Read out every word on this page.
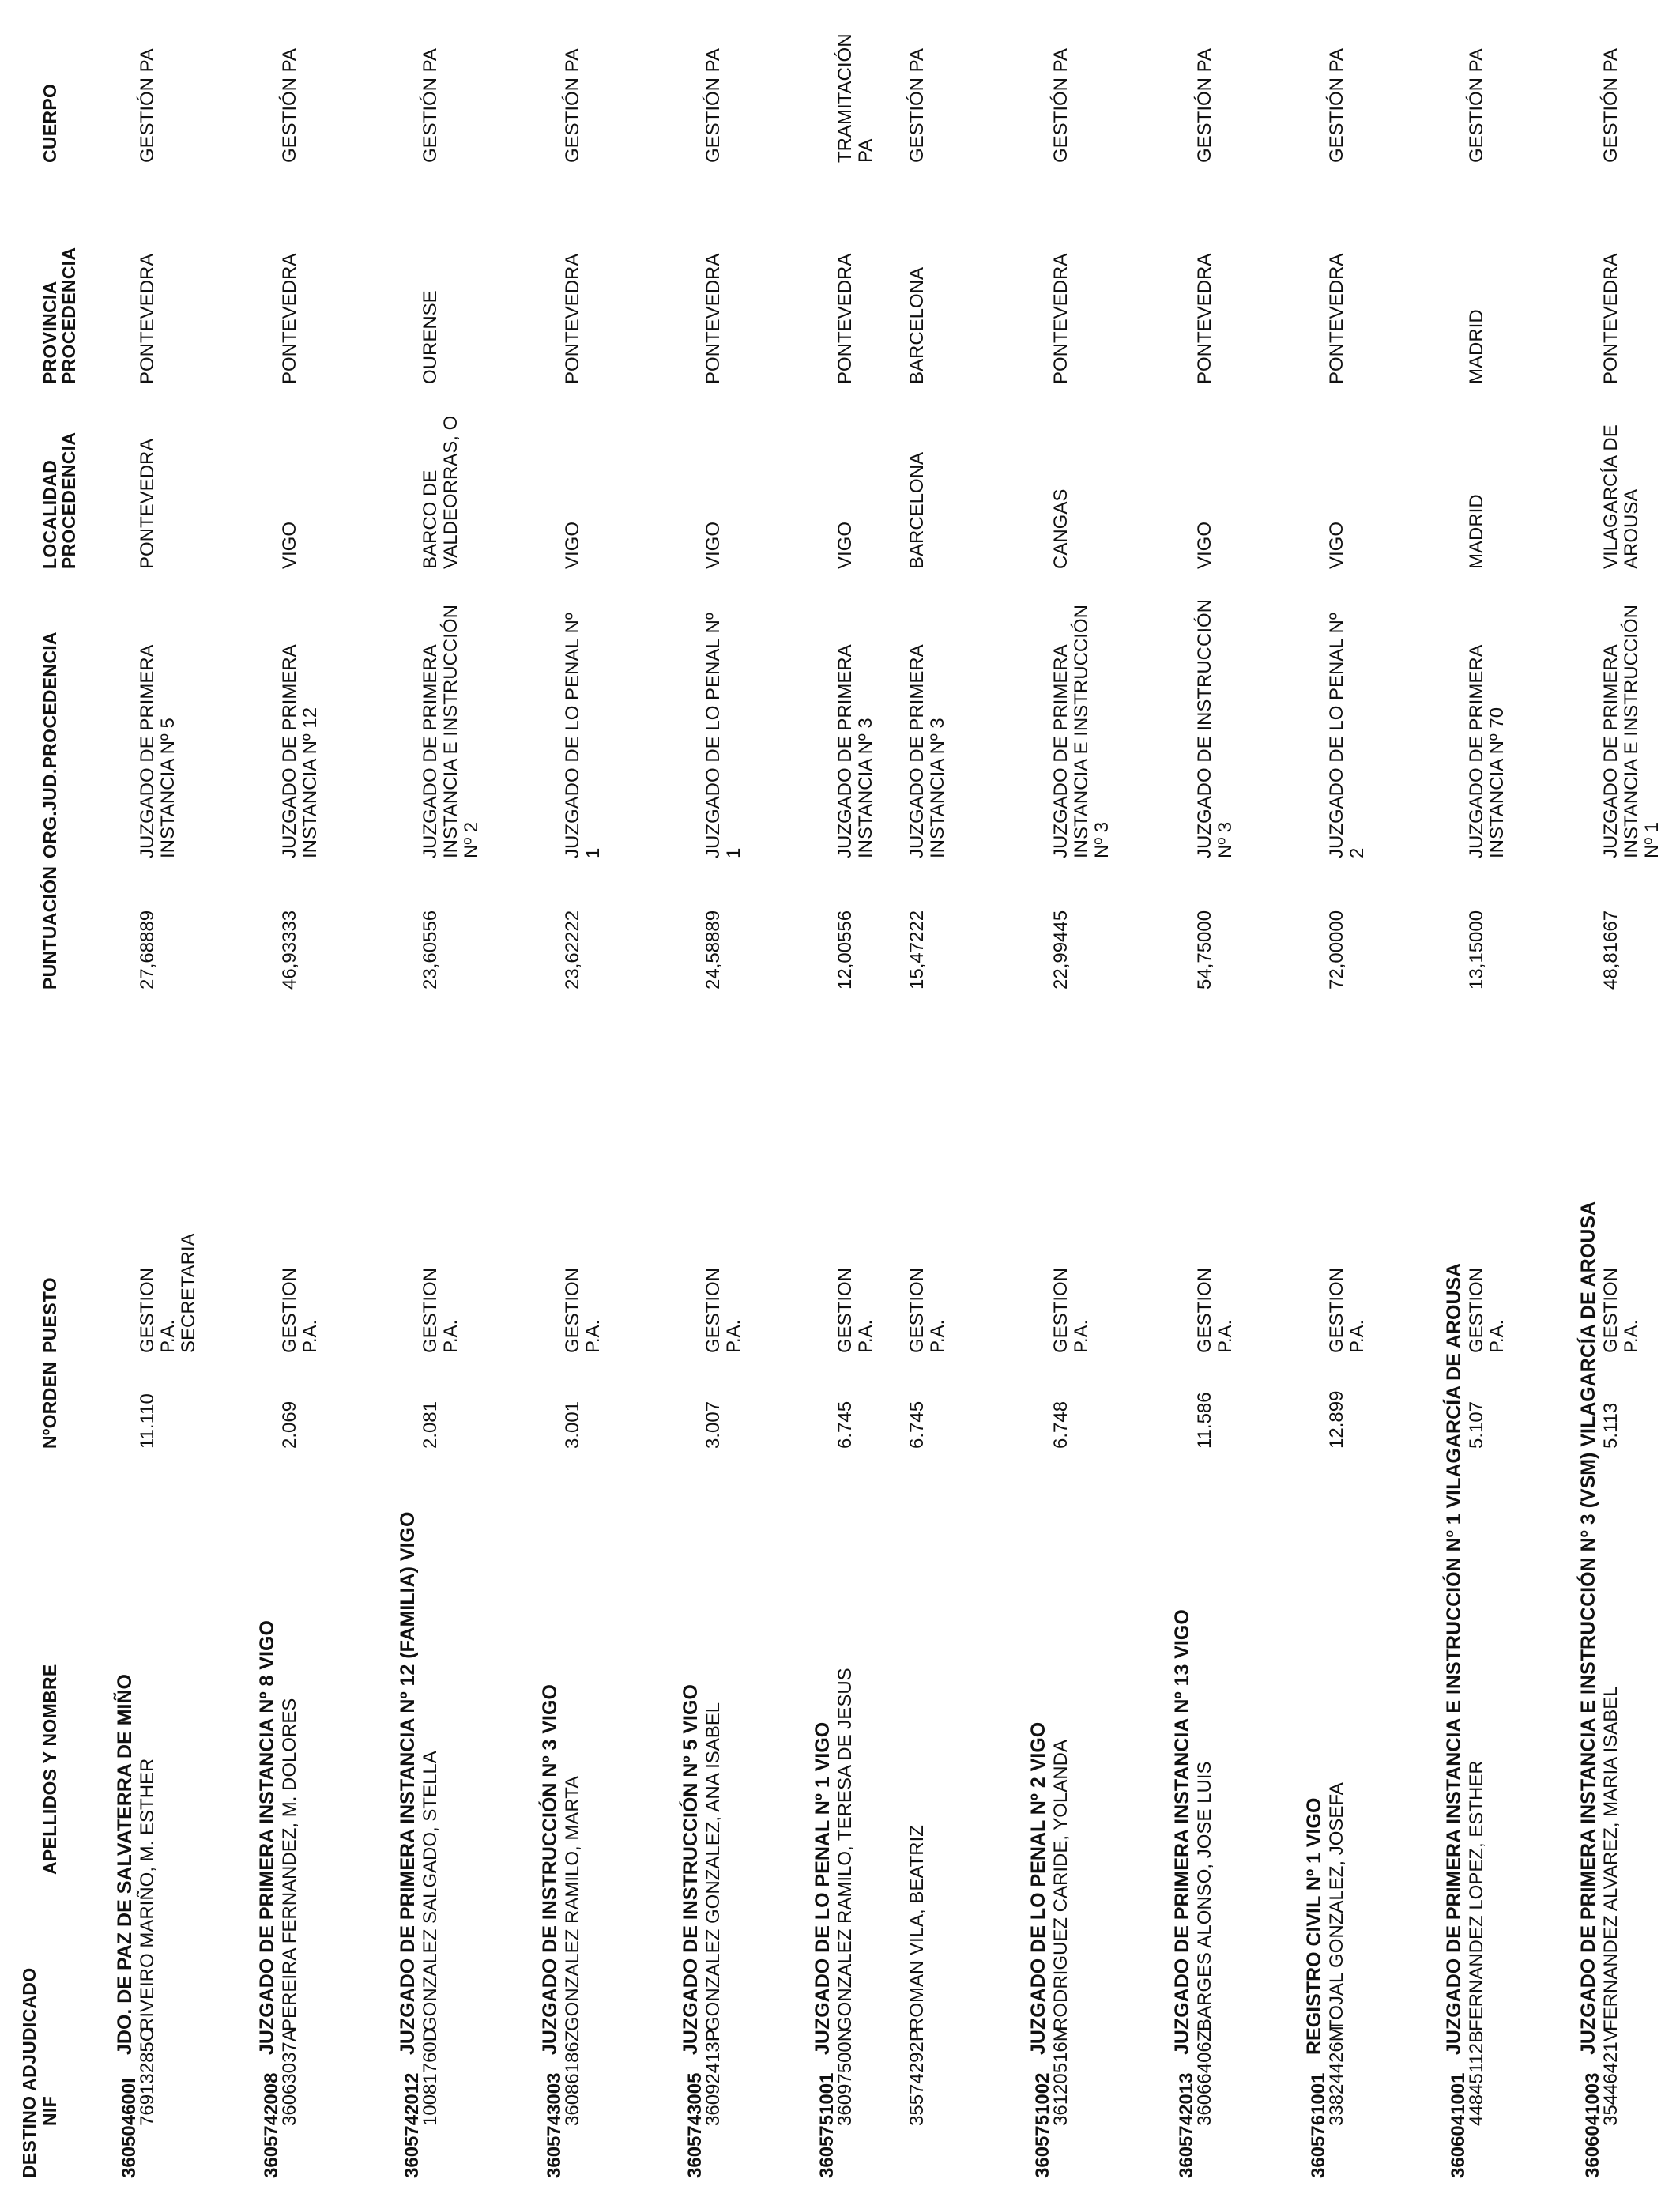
DESTINO ADJUDICADO NIF
APELLIDOS Y NOMBRE
NºORDEN
PUESTO
PUNTUACIÓN
ORG.JUD.PROCEDENCIA
LOCALIDAD
PROCEDENCIA
PROVINCIA
PROCEDENCIA
CUERPO
360504600I
JDO. DE PAZ DE SALVATERRA DE MIÑO
76913285C
RIVEIRO MARIÑO, M. ESTHER
11.110
GESTION P.A. SECRETARIA
27,68889
JUZGADO DE PRIMERA INSTANCIA Nº 5
PONTEVEDRA
PONTEVEDRA
GESTIÓN PA
3605742008
JUZGADO DE PRIMERA INSTANCIA Nº 8 VIGO
36063037A
PEREIRA FERNANDEZ, M. DOLORES
2.069
GESTION P.A.
46,93333
JUZGADO DE PRIMERA INSTANCIA Nº 12
VIGO
PONTEVEDRA
GESTIÓN PA
3605742012
JUZGADO DE PRIMERA INSTANCIA Nº 12 (FAMILIA) VIGO
10081760D
GONZALEZ SALGADO, STELLA
2.081
GESTION P.A.
23,60556
JUZGADO DE PRIMERA INSTANCIA E INSTRUCCIÓN Nº 2
BARCO DE VALDEORRAS, O
OURENSE
GESTIÓN PA
3605743003
JUZGADO DE INSTRUCCIÓN Nº 3 VIGO
36086186Z
GONZALEZ RAMILO, MARTA
3.001
GESTION P.A.
23,62222
JUZGADO DE LO PENAL Nº 1
VIGO
PONTEVEDRA
GESTIÓN PA
3605743005
JUZGADO DE INSTRUCCIÓN Nº 5 VIGO
36092413P
GONZALEZ GONZALEZ, ANA ISABEL
3.007
GESTION P.A.
24,58889
JUZGADO DE LO PENAL Nº 1
VIGO
PONTEVEDRA
GESTIÓN PA
3605751001
JUZGADO DE LO PENAL Nº 1 VIGO
36097500N
GONZALEZ RAMILO, TERESA DE JESUS
6.745
GESTION P.A.
12,00556
JUZGADO DE PRIMERA INSTANCIA Nº 3
VIGO
PONTEVEDRA
TRAMITACIÓN PA
35574292P
ROMAN VILA, BEATRIZ
6.745
GESTION P.A.
15,47222
JUZGADO DE PRIMERA INSTANCIA Nº 3
BARCELONA
BARCELONA
GESTIÓN PA
3605751002
JUZGADO DE LO PENAL Nº 2 VIGO
36120516M
RODRIGUEZ CARIDE, YOLANDA
6.748
GESTION P.A.
22,99445
JUZGADO DE PRIMERA INSTANCIA E INSTRUCCIÓN Nº 3
CANGAS
PONTEVEDRA
GESTIÓN PA
3605742013
JUZGADO DE PRIMERA INSTANCIA Nº 13 VIGO
36066406Z
BARGES ALONSO, JOSE LUIS
11.586
GESTION P.A.
54,75000
JUZGADO DE INSTRUCCIÓN Nº 3
VIGO
PONTEVEDRA
GESTIÓN PA
3605761001
REGISTRO CIVIL Nº 1 VIGO
33824426M
TOJAL GONZALEZ, JOSEFA
12.899
GESTION P.A.
72,00000
JUZGADO DE LO PENAL Nº 2
VIGO
PONTEVEDRA
GESTIÓN PA
3606041001
JUZGADO DE PRIMERA INSTANCIA E INSTRUCCIÓN Nº 1 VILAGARCÍA DE AROUSA
44845112B
FERNANDEZ LOPEZ, ESTHER
5.107
GESTION P.A.
13,15000
JUZGADO DE PRIMERA INSTANCIA Nº 70
MADRID
MADRID
GESTIÓN PA
3606041003
JUZGADO DE PRIMERA INSTANCIA E INSTRUCCIÓN Nº 3 (VSM) VILAGARCÍA DE AROUSA
35446421V
FERNANDEZ ALVAREZ, MARIA ISABEL
5.113
GESTION P.A.
48,81667
JUZGADO DE PRIMERA INSTANCIA E INSTRUCCIÓN Nº 1
VILAGARCÍA DE AROUSA
PONTEVEDRA
GESTIÓN PA
